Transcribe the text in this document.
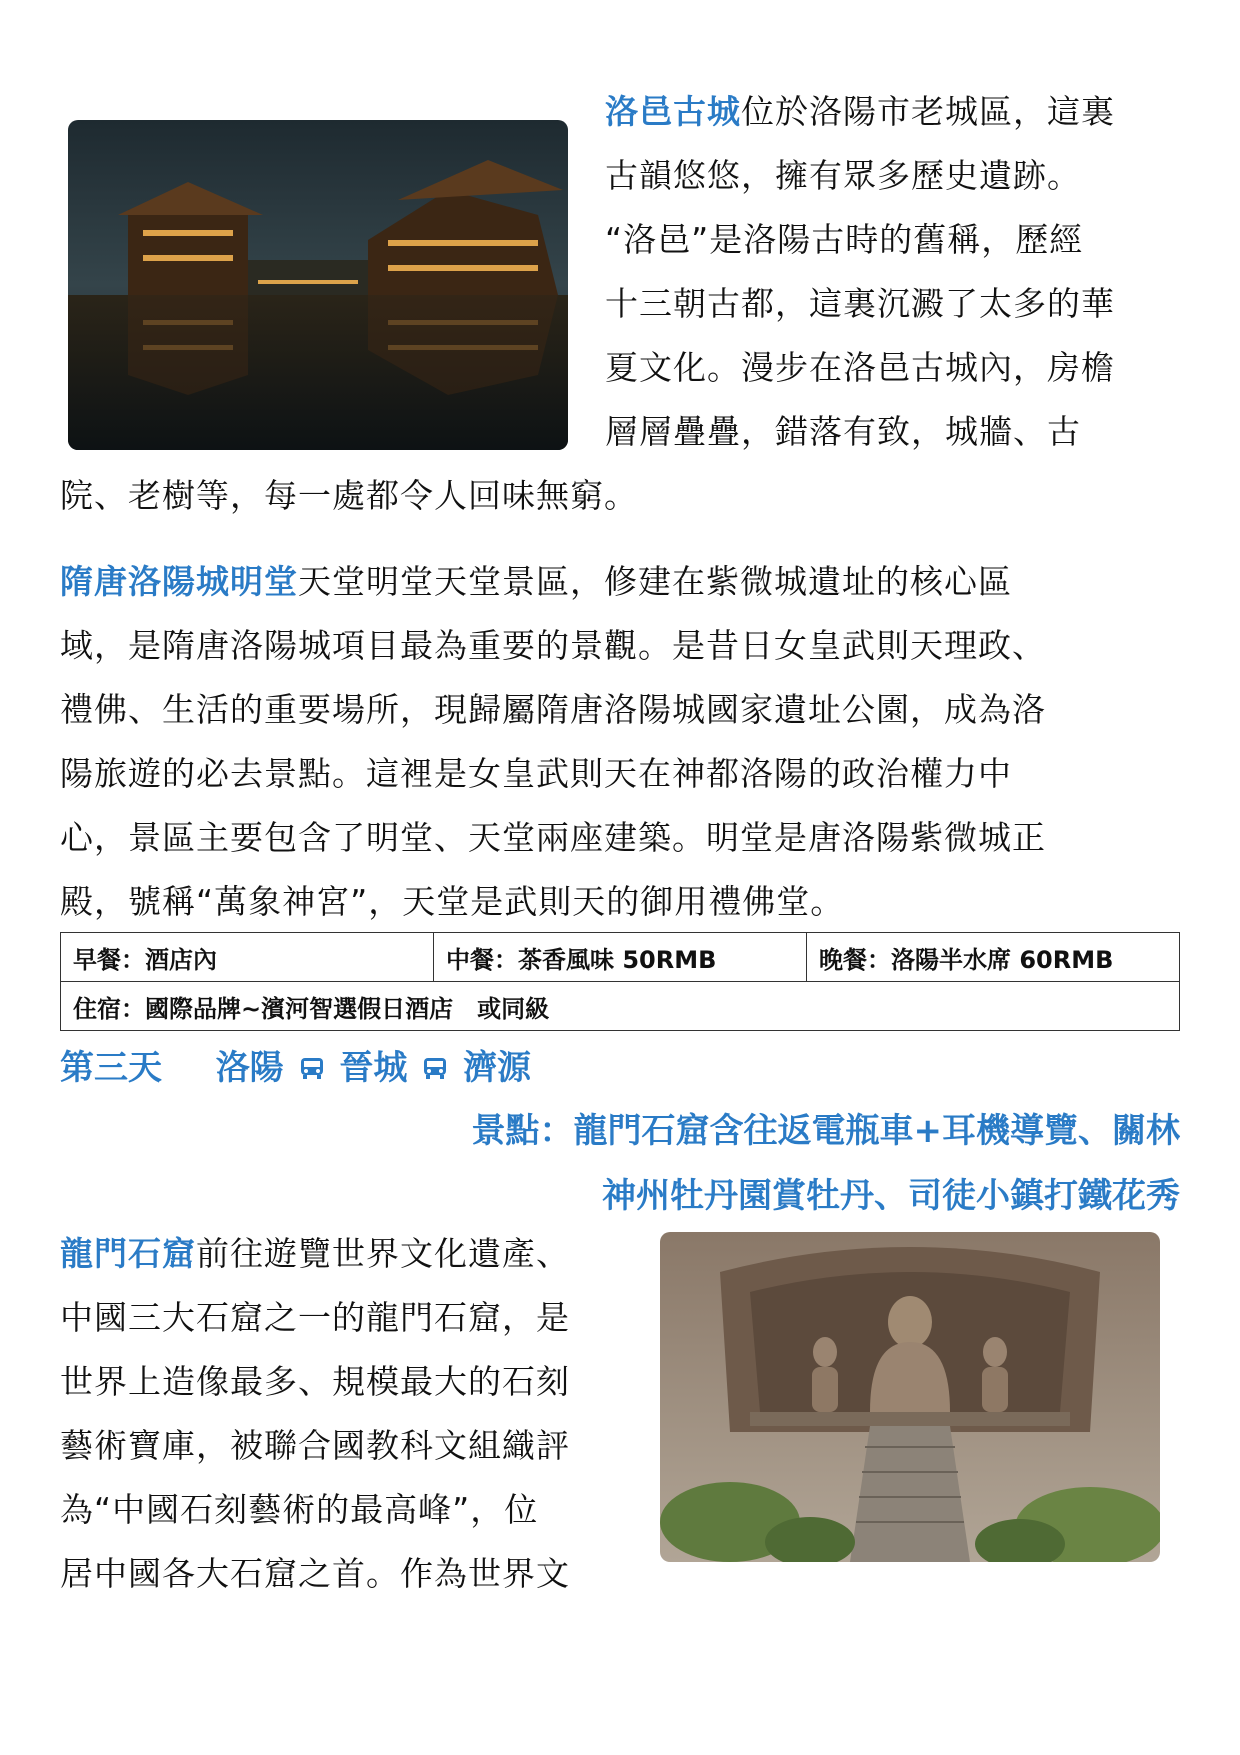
洛邑古城位於洛陽市老城區，這裏
古韻悠悠，擁有眾多歷史遺跡。
“洛邑”是洛陽古時的舊稱，歷經
十三朝古都，這裏沉澱了太多的華
夏文化。漫步在洛邑古城內，房檐
層層疊疊，錯落有致，城牆、古
院、老樹等，每一處都令人回味無窮。
隋唐洛陽城明堂天堂明堂天堂景區，修建在紫微城遺址的核心區
域，是隋唐洛陽城項目最為重要的景觀。是昔日女皇武則天理政、
禮佛、生活的重要場所，現歸屬隋唐洛陽城國家遺址公園，成為洛
陽旅遊的必去景點。這裡是女皇武則天在神都洛陽的政治權力中
心，景區主要包含了明堂、天堂兩座建築。明堂是唐洛陽紫微城正
殿，號稱“萬象神宮”，天堂是武則天的御用禮佛堂。
早餐：酒店內	中餐：茶香風味 50RMB	晚餐：洛陽半水席 60RMB
住宿：國際品牌~濱河智選假日酒店　或同級
第三天 洛陽 晉城 濟源
景點：龍門石窟含往返電瓶車+耳機導覽、關林
神州牡丹園賞牡丹、司徒小鎮打鐵花秀
龍門石窟前往遊覽世界文化遺產、
中國三大石窟之一的龍門石窟，是
世界上造像最多、規模最大的石刻
藝術寶庫，被聯合國教科文組織評
為“中國石刻藝術的最高峰”，位
居中國各大石窟之首。作為世界文
